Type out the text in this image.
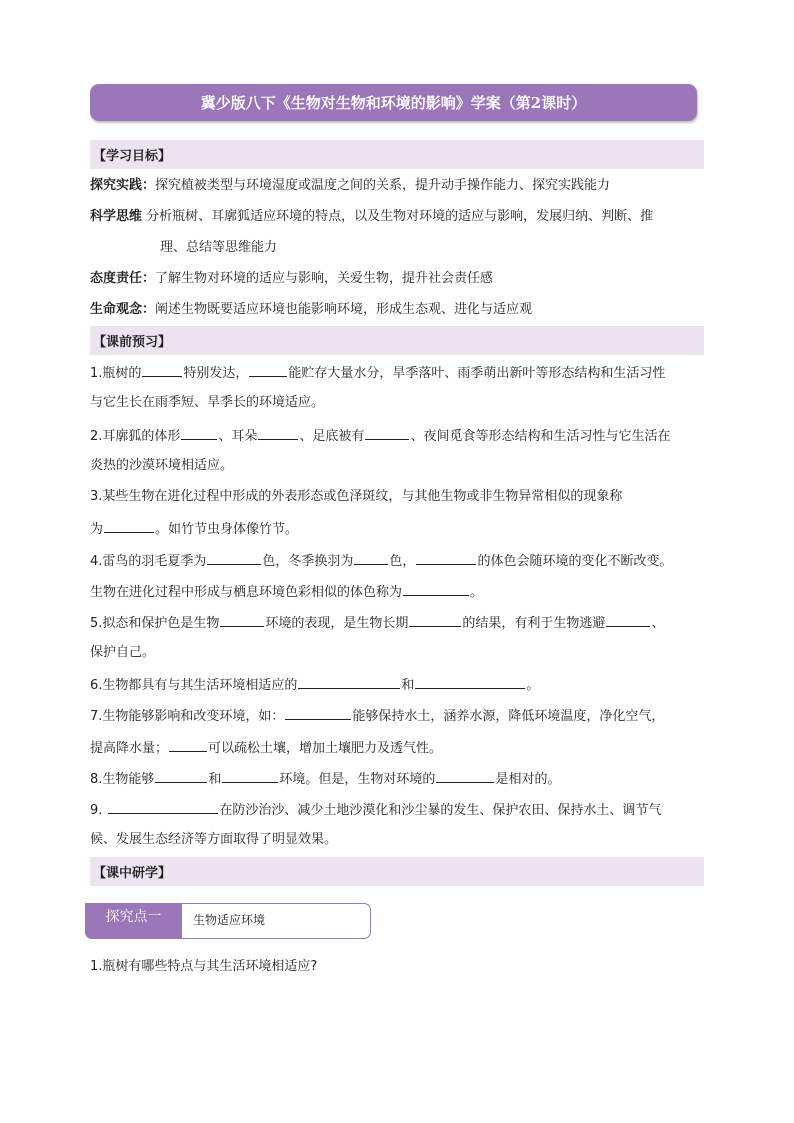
冀少版八下《生物对生物和环境的影响》学案（第2课时）
【学习目标】
探究实践：探究植被类型与环境湿度或温度之间的关系，提升动手操作能力、探究实践能力
科学思维 分析瓶树、耳廓狐适应环境的特点，以及生物对环境的适应与影响，发展归纳、判断、推
理、总结等思维能力
态度责任：了解生物对环境的适应与影响，关爱生物，提升社会责任感
生命观念：阐述生物既要适应环境也能影响环境，形成生态观、进化与适应观
【课前预习】
1.瓶树的	特别发达，	能贮存大量水分，旱季落叶、雨季萌出新叶等形态结构和生活习性
与它生长在雨季短、旱季长的环境适应。
2.耳廓狐的体形	、耳朵	、足底被有	、夜间觅食等形态结构和生活习性与它生活在
炎热的沙漠环境相适应。
3.某些生物在进化过程中形成的外表形态或色泽斑纹，与其他生物或非生物异常相似的现象称
为	。如竹节虫身体像竹节。
4.雷鸟的羽毛夏季为	色，冬季换羽为	色，	的体色会随环境的变化不断改变。
生物在进化过程中形成与栖息环境色彩相似的体色称为	。
5.拟态和保护色是生物	环境的表现，是生物长期	的结果，有利于生物逃避	、
保护自己。
6.生物都具有与其生活环境相适应的	和	。
7.生物能够影响和改变环境，如：	能够保持水土，涵养水源，降低环境温度，净化空气，
提高降水量；	可以疏松土壤，增加土壤肥力及透气性。
8.生物能够	和	环境。但是，生物对环境的	是相对的。
9.	在防沙治沙、减少土地沙漠化和沙尘暴的发生、保护农田、保持水土、调节气
候、发展生态经济等方面取得了明显效果。
【课中研学】
探究点一	生物适应环境
1.瓶树有哪些特点与其生活环境相适应?
